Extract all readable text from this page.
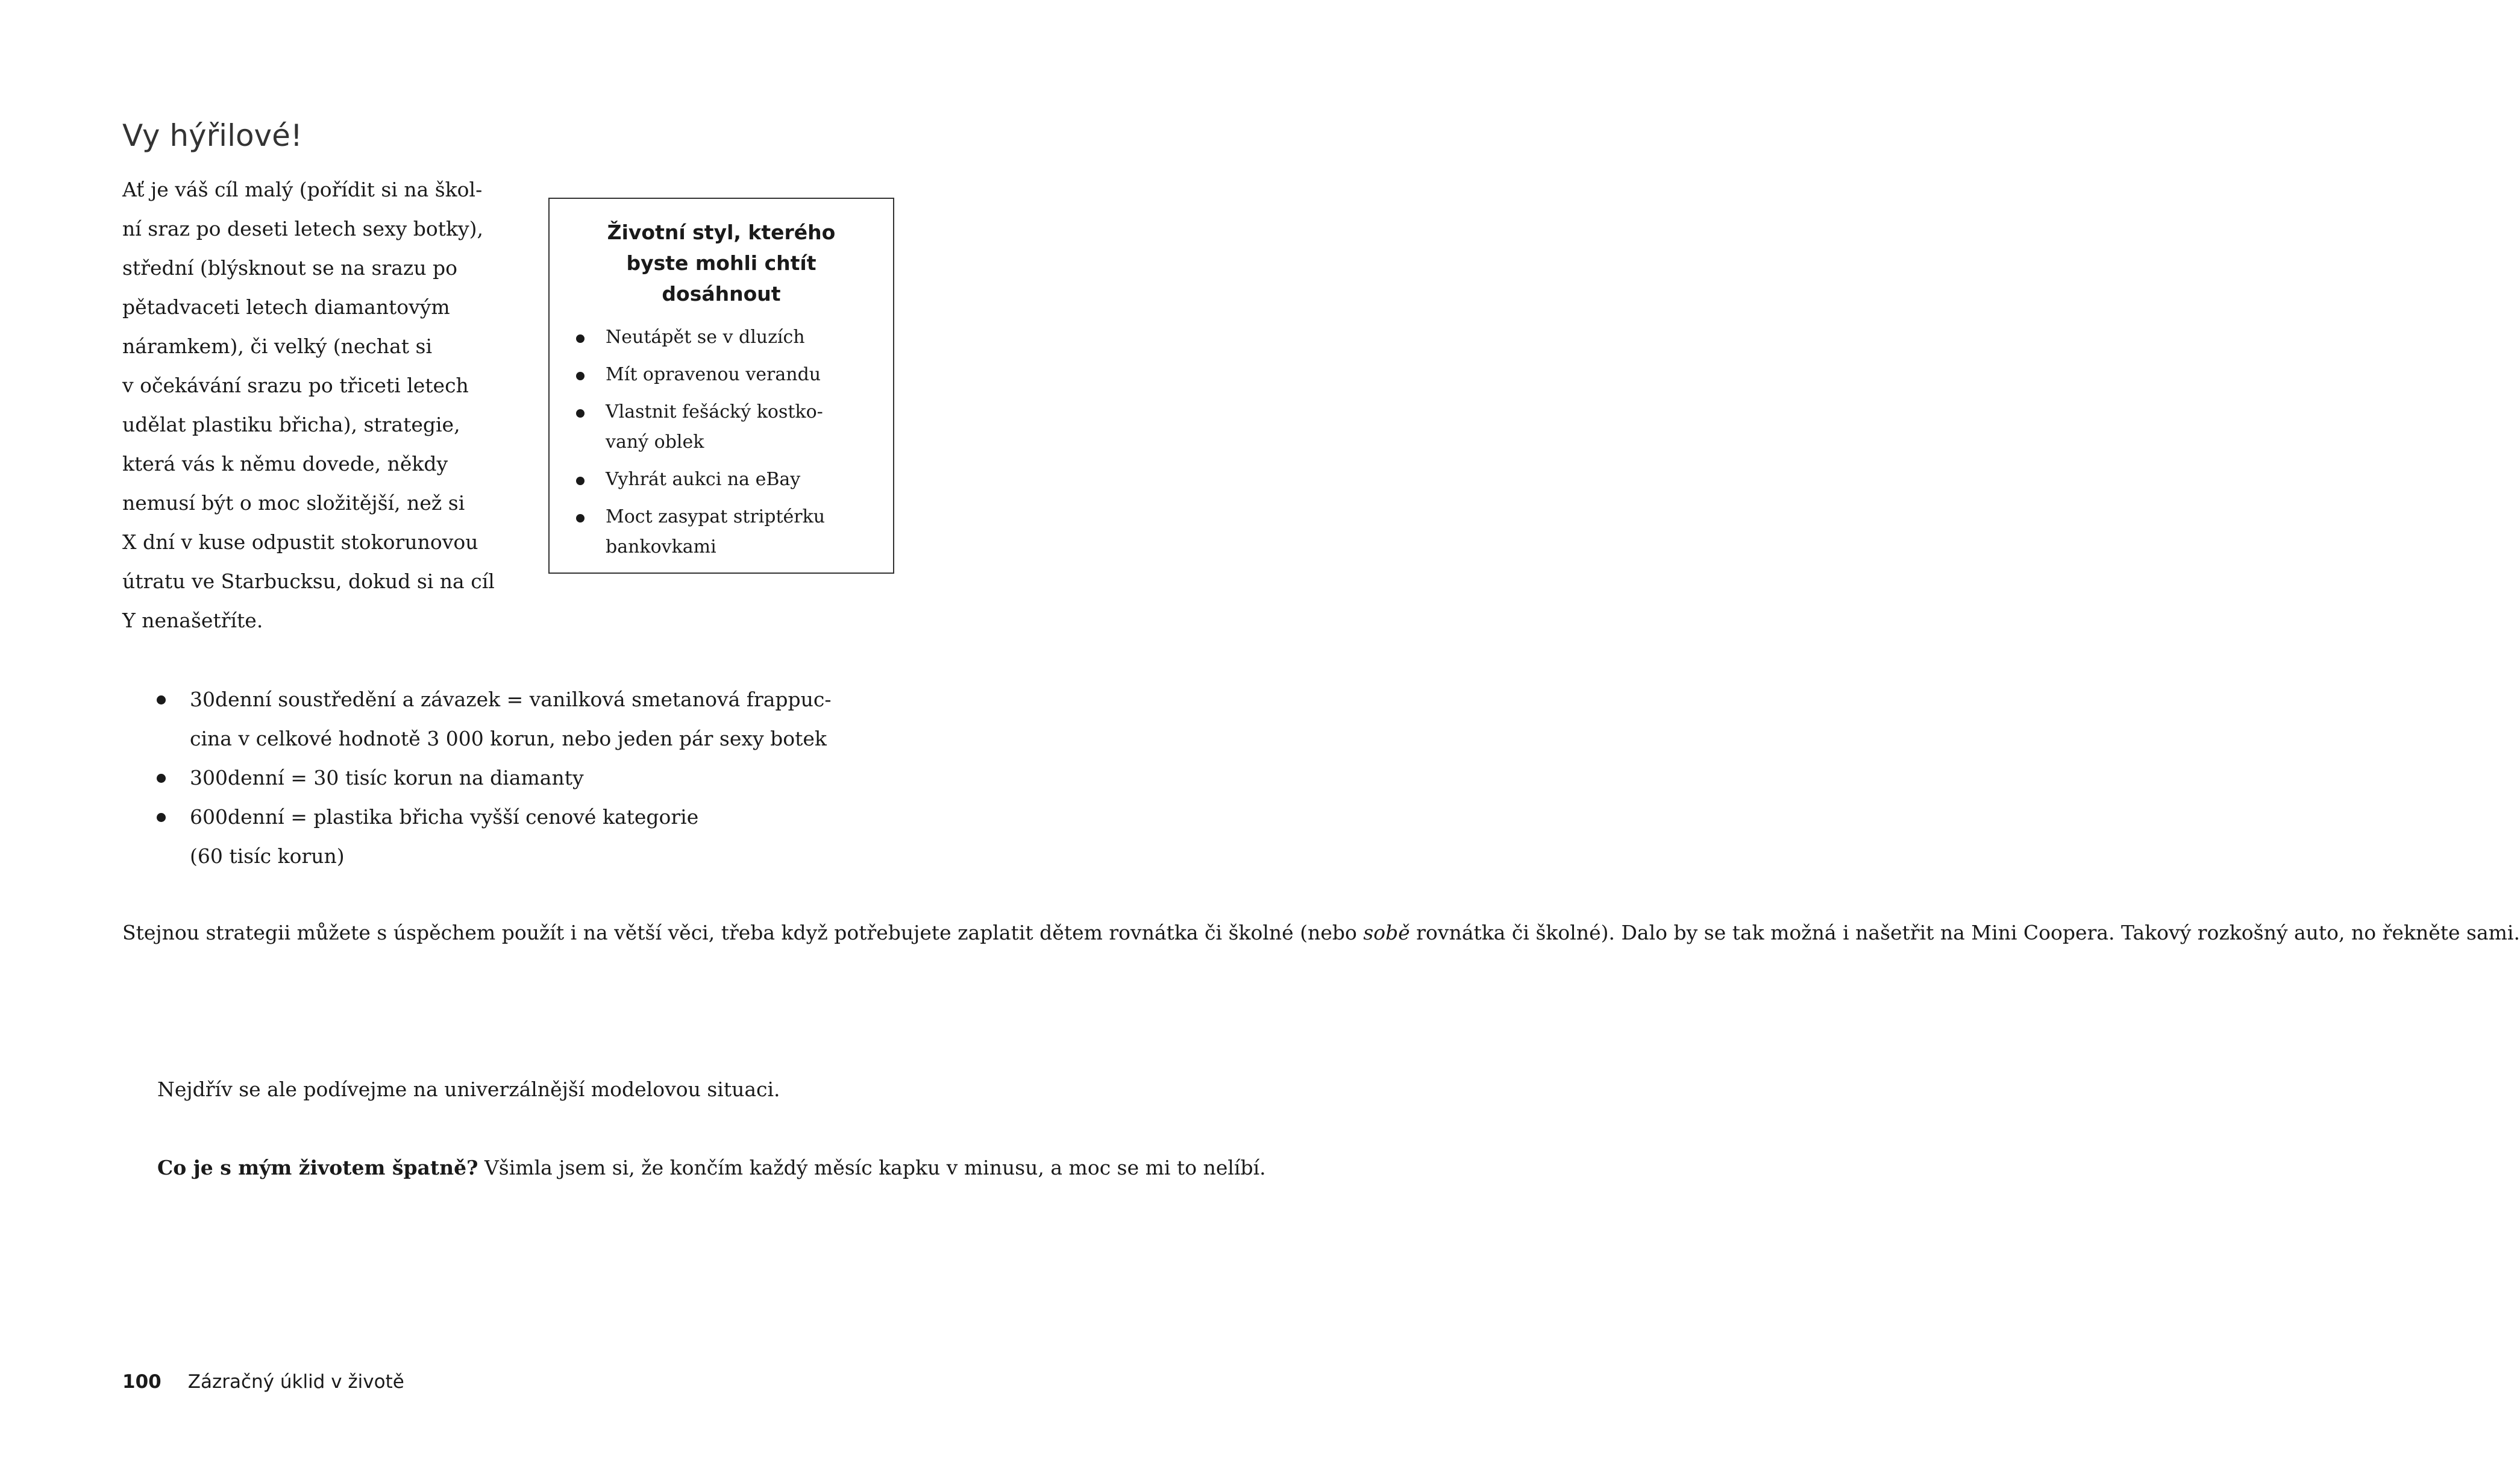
Vy hýřilové!

Ať je váš cíl malý (pořídit si na škol-
ní sraz po deseti letech sexy botky),
střední (blýsknout se na srazu po
pětadvaceti letech diamantovým
náramkem), či velký (nechat si
v očekávání srazu po třiceti letech
udělat plastiku břicha), strategie,
která vás k němu dovede, někdy
nemusí být o moc složitější, než si
X dní v kuse odpustit stokorunovou
útratu ve Starbucksu, dokud si na cíl
Y nenašetříte.

Životní styl, kterého
byste mohli chtít
dosáhnout
Neutápět se v dluzích
Mít opravenou verandu
Vlastnit fešácký kostko-
vaný oblek
Vyhrát aukci na eBay
Moct zasypat striptérku
bankovkami
30denní soustředění a závazek = vanilková smetanová frappuc-
cina v celkové hodnotě 3 000 korun, nebo jeden pár sexy botek
300denní = 30 tisíc korun na diamanty
600denní = plastika břicha vyšší cenové kategorie
(60 tisíc korun)

Stejnou strategii můžete s úspěchem použít i na větší věci, třeba když potřebujete zaplatit dětem rovnátka či školné (nebo sobě rovnátka či školné). Dalo by se tak možná i našetřit na Mini Coopera. Takový rozkošný auto, no řekněte sami.

Nejdřív se ale podívejme na univerzálnější modelovou situaci.

Co je s mým životem špatně? Všimla jsem si, že končím každý měsíc kapku v minusu, a moc se mi to nelíbí.

100 Zázračný úklid v životě
